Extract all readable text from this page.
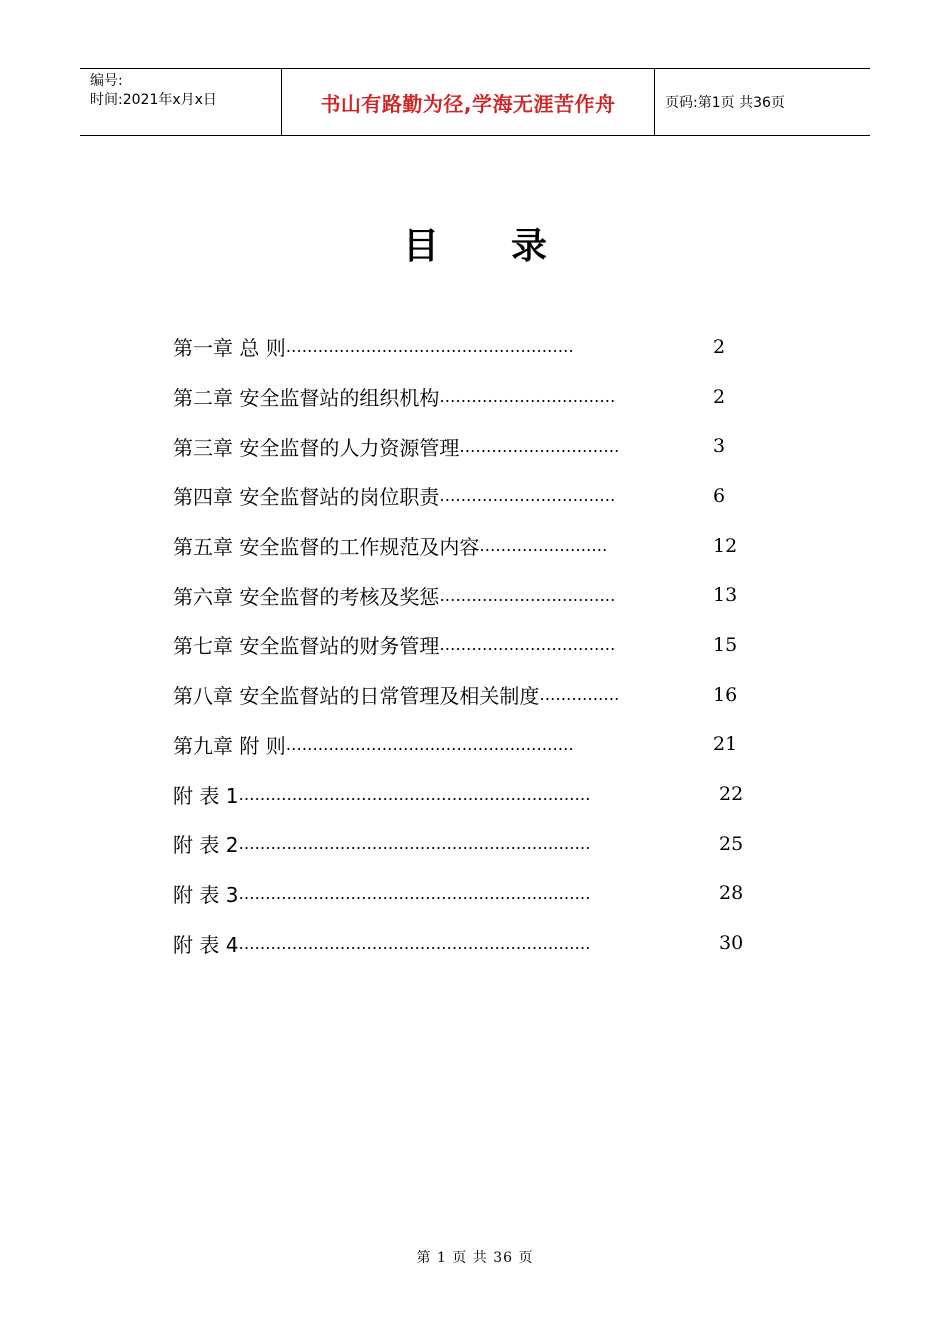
编号:
时间:2021年x月x日	书山有路勤为径,学海无涯苦作舟	页码:第1页 共36页
目 录
第一章 总 则 ………………………………………………	2
第二章 安全监督站的组织机构 ……………………………	2
第三章 安全监督的人力资源管理 …………………………	3
第四章 安全监督站的岗位职责 ……………………………	6
第五章 安全监督的工作规范及内容 ……………………	12
第六章 安全监督的考核及奖惩 ……………………………	13
第七章 安全监督站的财务管理 ……………………………	15
第八章 安全监督站的日常管理及相关制度 ……………	16
第九章 附 则 ………………………………………………	21
附 表 1 …………………………………………………………	22
附 表 2 …………………………………………………………	25
附 表 3 …………………………………………………………	28
附 表 4 …………………………………………………………	30
第 1 页 共 36 页
